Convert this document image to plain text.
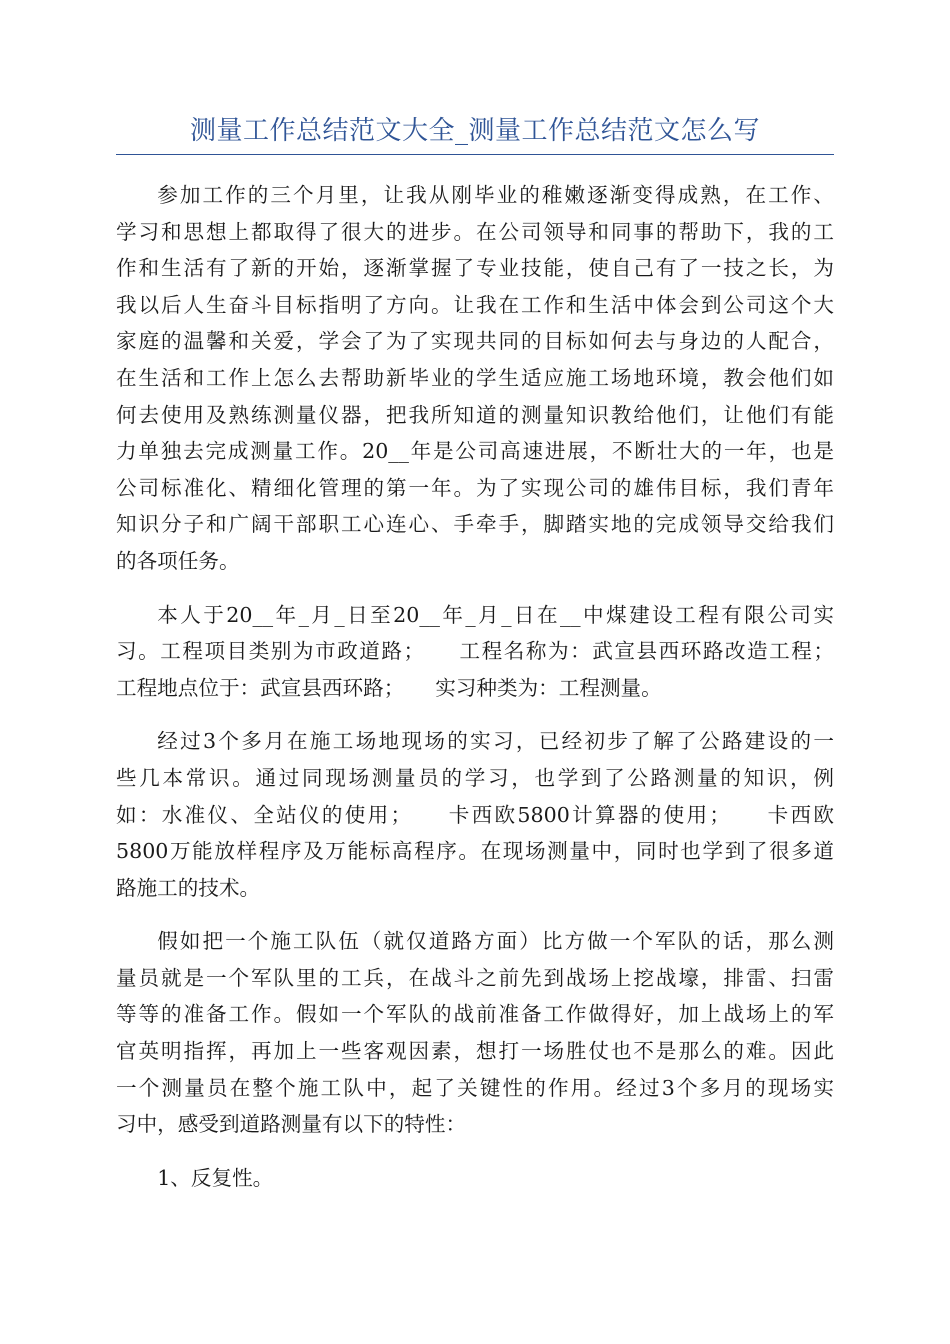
测量工作总结范文大全_测量工作总结范文怎么写

参加工作的三个月里，让我从刚毕业的稚嫩逐渐变得成熟，在工作、
学习和思想上都取得了很大的进步。在公司领导和同事的帮助下，我的工
作和生活有了新的开始，逐渐掌握了专业技能，使自己有了一技之长，为
我以后人生奋斗目标指明了方向。让我在工作和生活中体会到公司这个大
家庭的温馨和关爱，学会了为了实现共同的目标如何去与身边的人配合，
在生活和工作上怎么去帮助新毕业的学生适应施工场地环境，教会他们如
何去使用及熟练测量仪器，把我所知道的测量知识教给他们，让他们有能
力单独去完成测量工作。20__年是公司高速进展，不断壮大的一年，也是
公司标准化、精细化管理的第一年。为了实现公司的雄伟目标，我们青年
知识分子和广阔干部职工心连心、手牵手，脚踏实地的完成领导交给我们
的各项任务。

本人于20__年_月_日至20__年_月_日在__中煤建设工程有限公司实
习。工程项目类别为市政道路；　　工程名称为：武宣县西环路改造工程；
工程地点位于：武宣县西环路；　　实习种类为：工程测量。

经过3个多月在施工场地现场的实习，已经初步了解了公路建设的一
些几本常识。通过同现场测量员的学习，也学到了公路测量的知识，例
如：水准仪、全站仪的使用；　　卡西欧5800计算器的使用；　　卡西欧
5800万能放样程序及万能标高程序。在现场测量中，同时也学到了很多道
路施工的技术。

假如把一个施工队伍（就仅道路方面）比方做一个军队的话，那么测
量员就是一个军队里的工兵，在战斗之前先到战场上挖战壕，排雷、扫雷
等等的准备工作。假如一个军队的战前准备工作做得好，加上战场上的军
官英明指挥，再加上一些客观因素，想打一场胜仗也不是那么的难。因此
一个测量员在整个施工队中，起了关键性的作用。经过3个多月的现场实
习中，感受到道路测量有以下的特性：

1、反复性。
